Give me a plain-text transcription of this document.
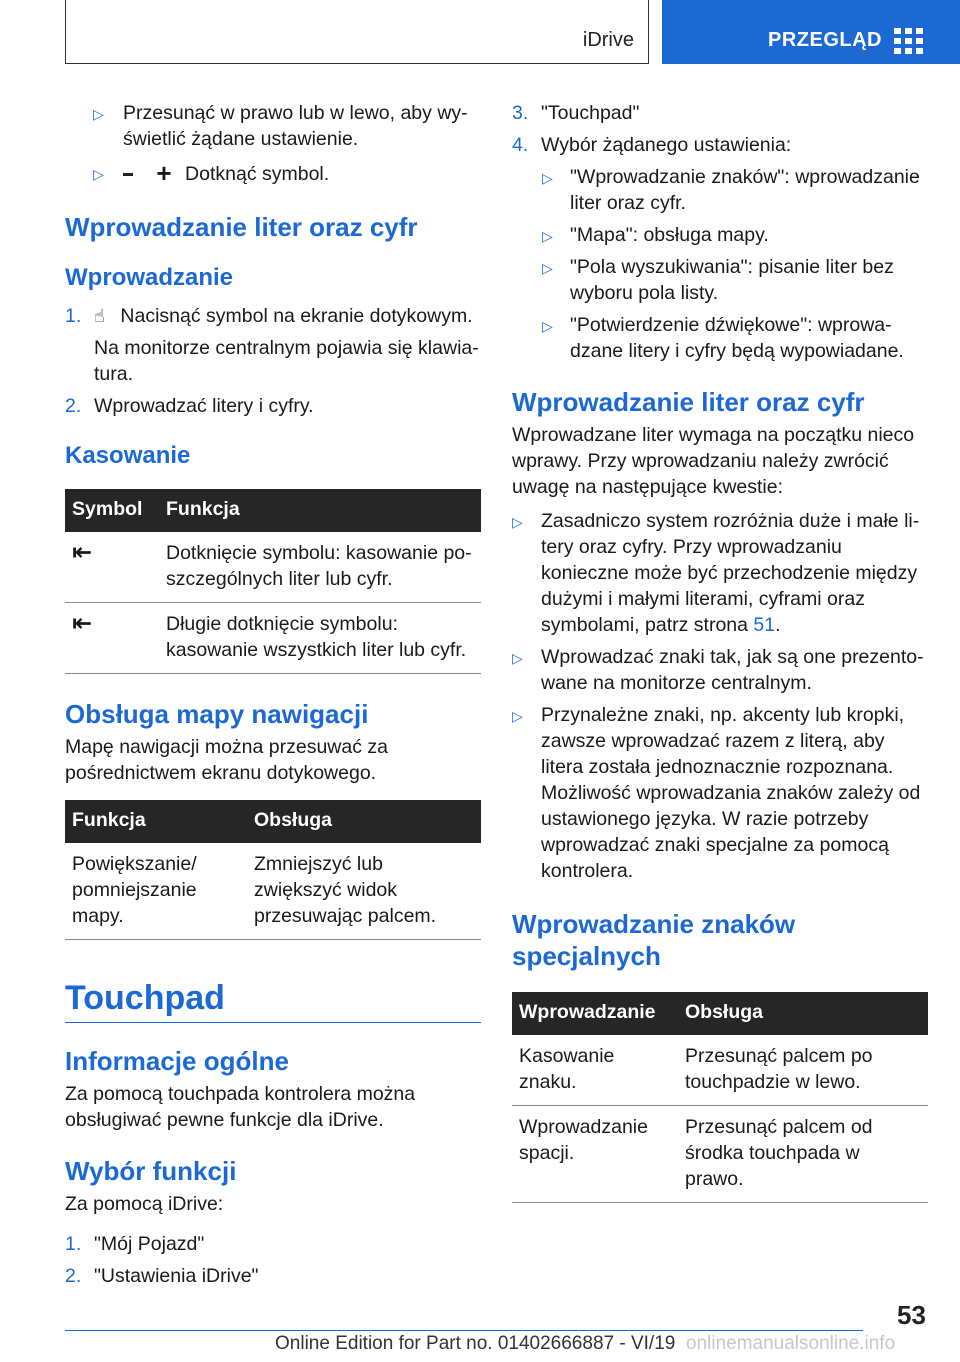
iDrive	PRZEGLĄD
▷ Przesunąć w prawo lub w lewo, aby wyświetlić żądane ustawienie.
▷ + Dotknąć symbol.
Wprowadzanie liter oraz cyfr
Wprowadzanie
1. ☝ Nacisnąć symbol na ekranie dotykowym.
Na monitorze centralnym pojawia się klawiatura.
2. Wprowadzać litery i cyfry.
Kasowanie
Symbol	Funkcja
⇤	Dotknięcie symbolu: kasowanie poszczególnych liter lub cyfr.
⇤	Długie dotknięcie symbolu: kasowanie wszystkich liter lub cyfr.
Obsługa mapy nawigacji

Mapę nawigacji można przesuwać za pośrednictwem ekranu dotykowego.

Funkcja	Obsługa
Powiększanie/ pomniejszanie mapy.	Zmniejszyć lub zwiększyć widok przesuwając palcem.
Touchpad
Informacje ogólne

Za pomocą touchpada kontrolera można obsługiwać pewne funkcje dla iDrive.

Wybór funkcji

Za pomocą iDrive:

1. "Mój Pojazd"
2. "Ustawienia iDrive"
3. "Touchpad"
4. Wybór żądanego ustawienia:
▷ "Wprowadzanie znaków": wprowadzanie liter oraz cyfr.
▷ "Mapa": obsługa mapy.
▷ "Pola wyszukiwania": pisanie liter bez wyboru pola listy.
▷ "Potwierdzenie dźwiękowe": wprowadzane litery i cyfry będą wypowiadane.
Wprowadzanie liter oraz cyfr

Wprowadzane liter wymaga na początku nieco wprawy. Przy wprowadzaniu należy zwrócić uwagę na następujące kwestie:

▷ Zasadniczo system rozróżnia duże i małe litery oraz cyfry. Przy wprowadzaniu konieczne może być przechodzenie między dużymi i małymi literami, cyframi oraz symbolami, patrz strona 51.
▷ Wprowadzać znaki tak, jak są one prezentowane na monitorze centralnym.
▷ Przynależne znaki, np. akcenty lub kropki, zawsze wprowadzać razem z literą, aby litera została jednoznacznie rozpoznana. Możliwość wprowadzania znaków zależy od ustawionego języka. W razie potrzeby wprowadzać znaki specjalne za pomocą kontrolera.
Wprowadzanie znaków specjalnych
Wprowadzanie	Obsługa
Kasowanie znaku.	Przesunąć palcem po touchpadzie w lewo.
Wprowadzanie spacji.	Przesunąć palcem od środka touchpada w prawo.
53
Online Edition for Part no. 01402666887 - VI/19 onlinemanualsonline.info
